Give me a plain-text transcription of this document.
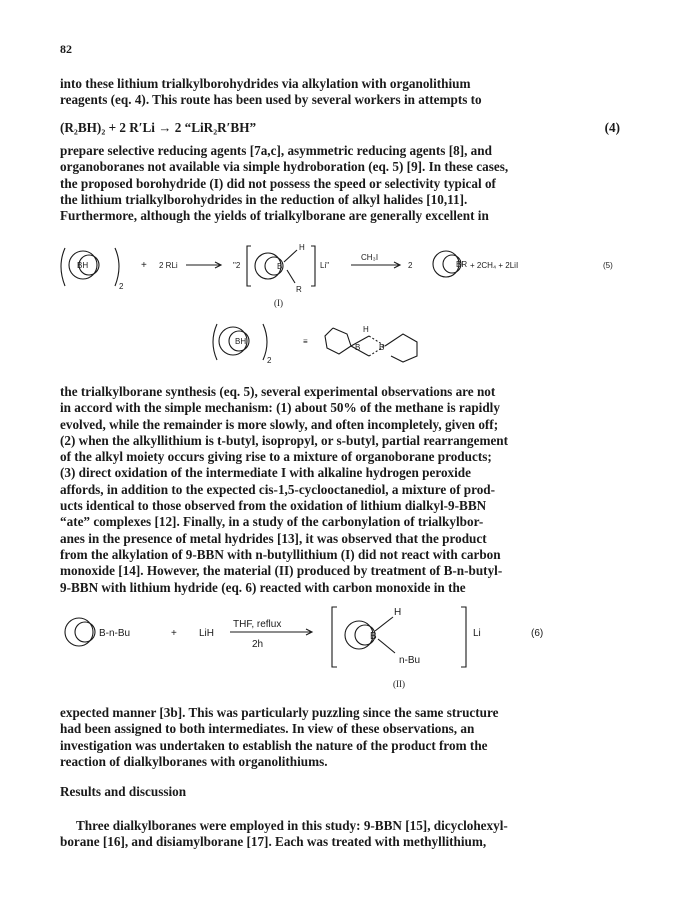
82
into these lithium trialkylborohydrides via alkylation with organolithium
reagents (eq. 4). This route has been used by several workers in attempts to
(R₂BH)₂ + 2 R′Li → 2 “LiR₂R′BH”	(4)
prepare selective reducing agents [7a,c], asymmetric reducing agents [8], and
organoboranes not available via simple hydroboration (eq. 5) [9]. In these cases,
the proposed borohydride (I) did not possess the speed or selectivity typical of
the lithium trialkylborohydrides in the reduction of alkyl halides [10,11].
Furthermore, although the yields of trialkylborane are generally excellent in
BH
2
+ 2 RLi	"2	B
H
R
Li"
CH₃I
2	BR + 2CH₄ + 2LiI	(5)
(I)
BH
2
≡
H
B B
the trialkylborane synthesis (eq. 5), several experimental observations are not
in accord with the simple mechanism: (1) about 50% of the methane is rapidly
evolved, while the remainder is more slowly, and often incompletely, given off;
(2) when the alkyllithium is t-butyl, isopropyl, or s-butyl, partial rearrangement
of the alkyl moiety occurs giving rise to a mixture of organoborane products;
(3) direct oxidation of the intermediate I with alkaline hydrogen peroxide
affords, in addition to the expected cis-1,5-cyclooctanediol, a mixture of prod-
ucts identical to those observed from the oxidation of lithium dialkyl-9-BBN
“ate” complexes [12]. Finally, in a study of the carbonylation of trialkylbor-
anes in the presence of metal hydrides [13], it was observed that the product
from the alkylation of 9-BBN with n-butyllithium (I) did not react with carbon
monoxide [14]. However, the material (II) produced by treatment of B-n-butyl-
9-BBN with lithium hydride (eq. 6) reacted with carbon monoxide in the
B-n-Bu	+ LiH
THF, reflux
2h
H
B
n-Bu
Li	(6)
(II)
expected manner [3b]. This was particularly puzzling since the same structure
had been assigned to both intermediates. In view of these observations, an
investigation was undertaken to establish the nature of the product from the
reaction of dialkylboranes with organolithiums.
Results and discussion
Three dialkylboranes were employed in this study: 9-BBN [15], dicyclohexyl-
borane [16], and disiamylborane [17]. Each was treated with methyllithium,
